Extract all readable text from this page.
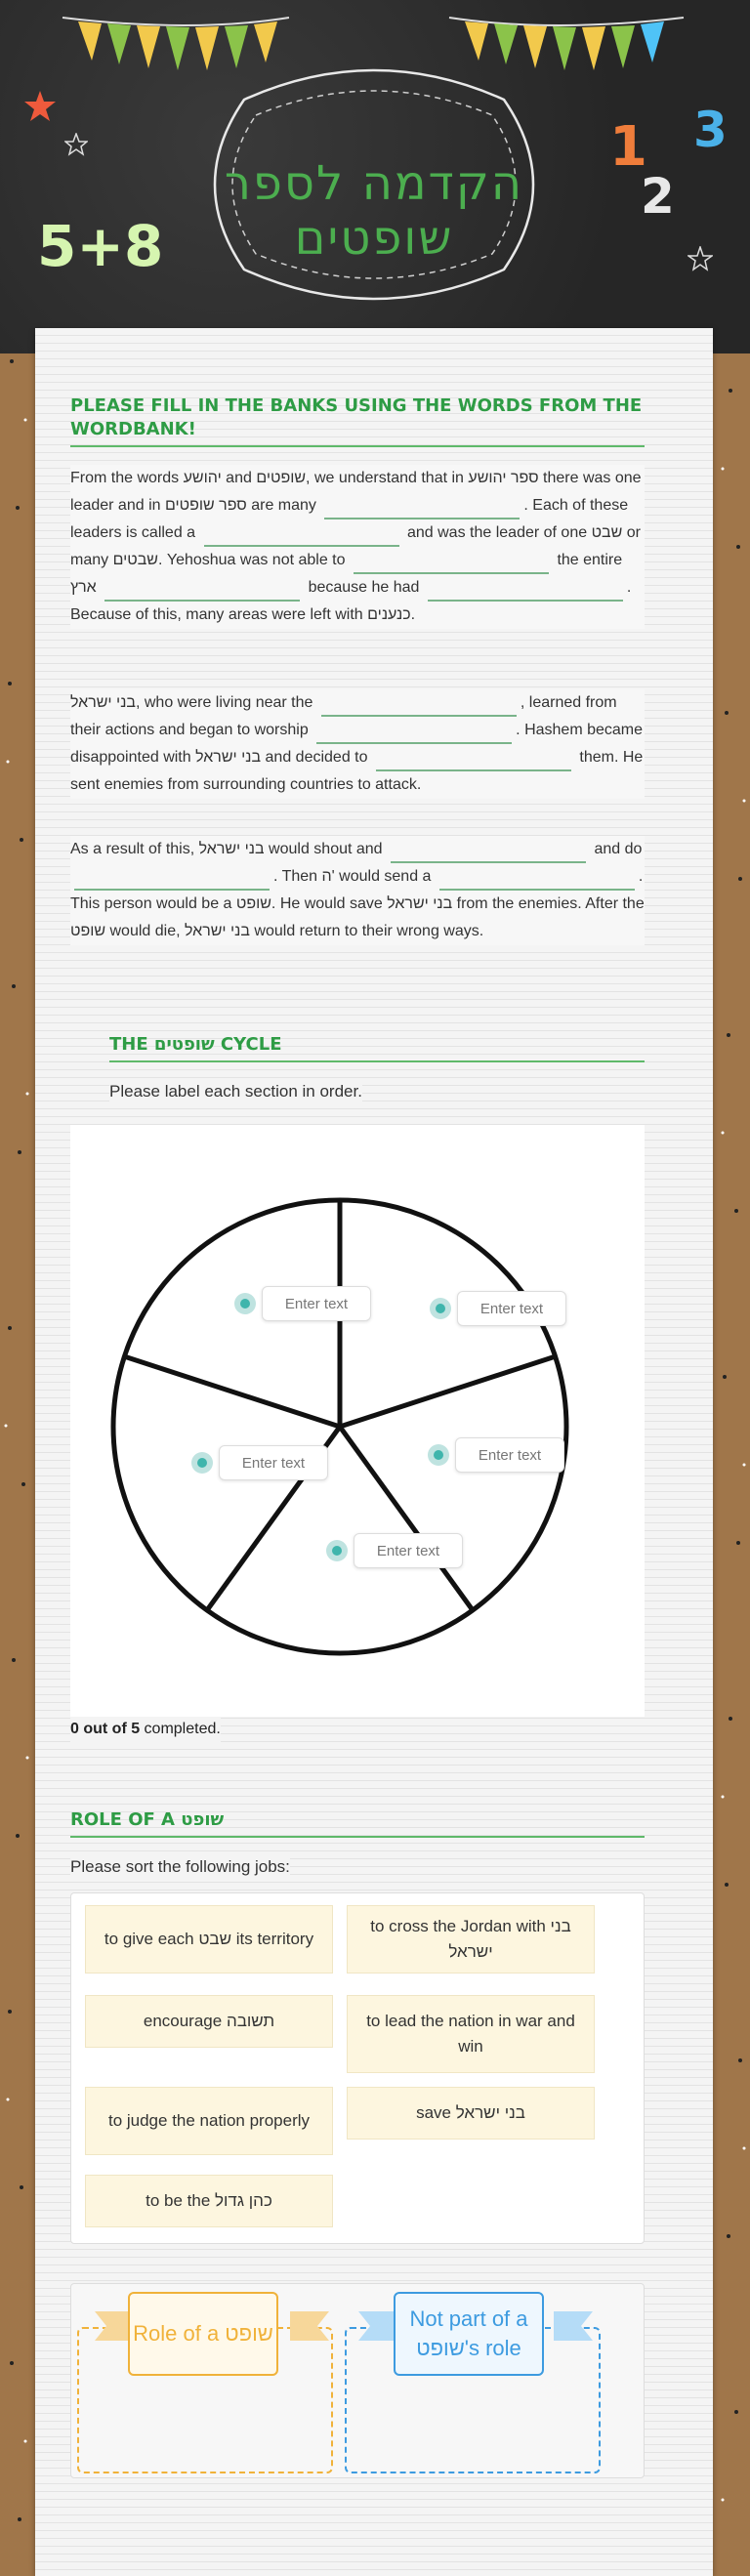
הקדמה לספר שופטים
5+8
1
2
3
PLEASE FILL IN THE BANKS USING THE WORDS FROM THE WORDBANK!
From the words יהושע and שופטים, we understand that in ספר יהושע there was one leader and in ספר שופטים are many	. Each of these leaders is called a	and was the leader of one שבט or many שבטים. Yehoshua was not able to	the entire ארץ	because he had	. Because of this, many areas were left with כנענים.
בני ישראל, who were living near the	, learned from their actions and began to worship	. Hashem became disappointed with בני ישראל and decided to	them. He sent enemies from surrounding countries to attack.
As a result of this, בני ישראל would shout and	and do . Then ה' would send a	. This person would be a שופט. He would save בני ישראל from the enemies. After the שופט would die, בני ישראל would return to their wrong ways.
THE שופטים CYCLE
Please label each section in order.
Enter text	Enter text
Enter text	Enter text
Enter text
0 out of 5 completed.
ROLE OF A שופט
Please sort the following jobs:
to give each שבט its territory
to cross the Jordan with בני ישראל
encourage תשובה	to lead the nation in war and win
to judge the nation properly	save בני ישראל
to be the כהן גדול
Role of a שופט
Not part of a שופט's role
